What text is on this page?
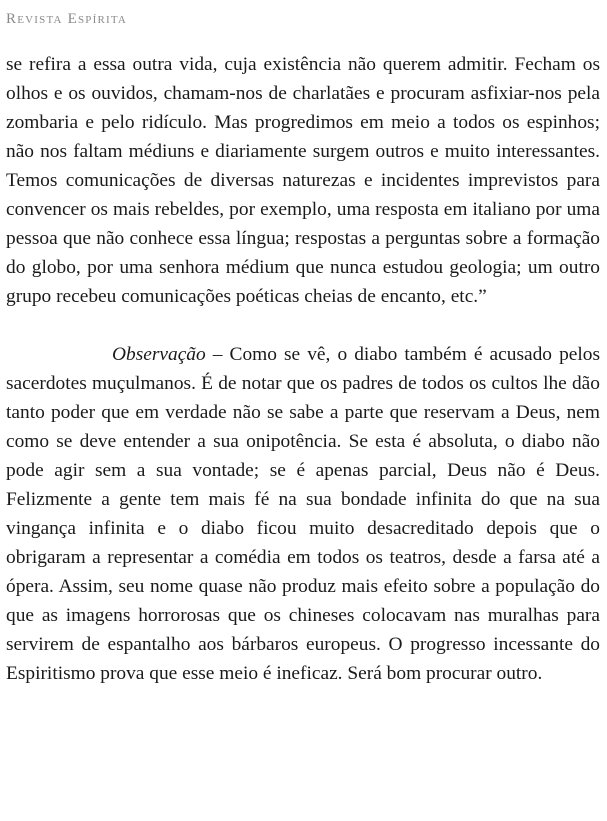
Revista Espírita

se refira a essa outra vida, cuja existência não querem admitir. Fecham os olhos e os ouvidos, chamam-nos de charlatães e procuram asfixiar-nos pela zombaria e pelo ridículo. Mas progredimos em meio a todos os espinhos; não nos faltam médiuns e diariamente surgem outros e muito interessantes. Temos comunicações de diversas naturezas e incidentes imprevistos para convencer os mais rebeldes, por exemplo, uma resposta em italiano por uma pessoa que não conhece essa língua; respostas a perguntas sobre a formação do globo, por uma senhora médium que nunca estudou geologia; um outro grupo recebeu comunicações poéticas cheias de encanto, etc.”

Observação – Como se vê, o diabo também é acusado pelos sacerdotes muçulmanos. É de notar que os padres de todos os cultos lhe dão tanto poder que em verdade não se sabe a parte que reservam a Deus, nem como se deve entender a sua onipotência. Se esta é absoluta, o diabo não pode agir sem a sua vontade; se é apenas parcial, Deus não é Deus. Felizmente a gente tem mais fé na sua bondade infinita do que na sua vingança infinita e o diabo ficou muito desacreditado depois que o obrigaram a representar a comédia em todos os teatros, desde a farsa até a ópera. Assim, seu nome quase não produz mais efeito sobre a população do que as imagens horrorosas que os chineses colocavam nas muralhas para servirem de espantalho aos bárbaros europeus. O progresso incessante do Espiritismo prova que esse meio é ineficaz. Será bom procurar outro.
